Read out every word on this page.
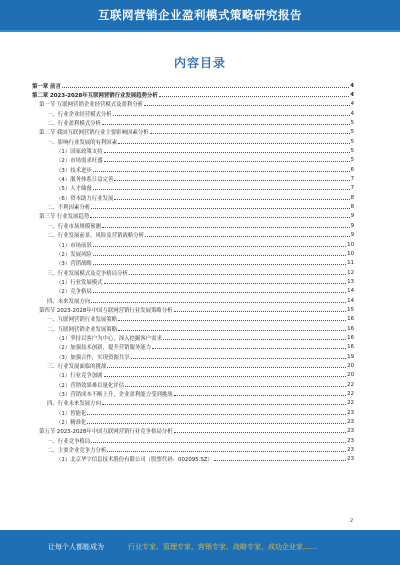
互联网营销企业盈利模式策略研究报告
内容目录
第一章 前言	4
第二章 2023-2028年互联网营销行业发展趋势分析	4
第一节 互联网营销企业经营模式及盈利分析	4
一、行业企业经营模式分析	4
二、行业盈利模式分析	5
第二节 我国互联网营销行业主要影响因素分析	5
一、影响行业发展的有利因素	5
（1）国家政策支持	5
（2）市场需求旺盛	5
（3）技术进步	6
（4）服务体系日益完善	7
（5）人才储备	7
（6）资本助力行业发展	8
二、不利因素分析	8
第三节 行业发展趋势	9
一、行业市场规模预测	9
二、行业发展前景、风险及营销战略分析	9
（1）市场前景	10
（2）发展风险	10
（3）营销战略	11
三、行业发展模式及竞争格局分析	12
（1）行业发展模式	13
（2）竞争格局	14
四、未来发展方向	14
第四节 2023-2028年中国互联网营销行业发展策略分析	15
一、互联网营销行业发展策略	16
二、互联网营销企业发展策略	16
（1）坚持以客户为中心，深入挖掘客户需求	16
（2）加强技术创新，提升营销服务能力	16
（3）加强合作，实现资源共享	19
三、行业发展面临的挑战	20
（1）行业竞争加剧	20
（2）营销效果难以量化评估	22
（3）营销成本不断上升，企业盈利能力受到挑战	22
四、行业未来发展方向	22
（1）智能化	23
（2）精准化	23
第五节 2023-2028年中国互联网营销行业竞争格局分析	23
一、行业竞争格局	23
二、主要企业竞争力分析	23
（1）北京华宇信息技术股份有限公司（股票代码：002095.SZ）	23
2
让每个人都能成为	行业专家、管理专家、营销专家、战略专家、成功企业家……
